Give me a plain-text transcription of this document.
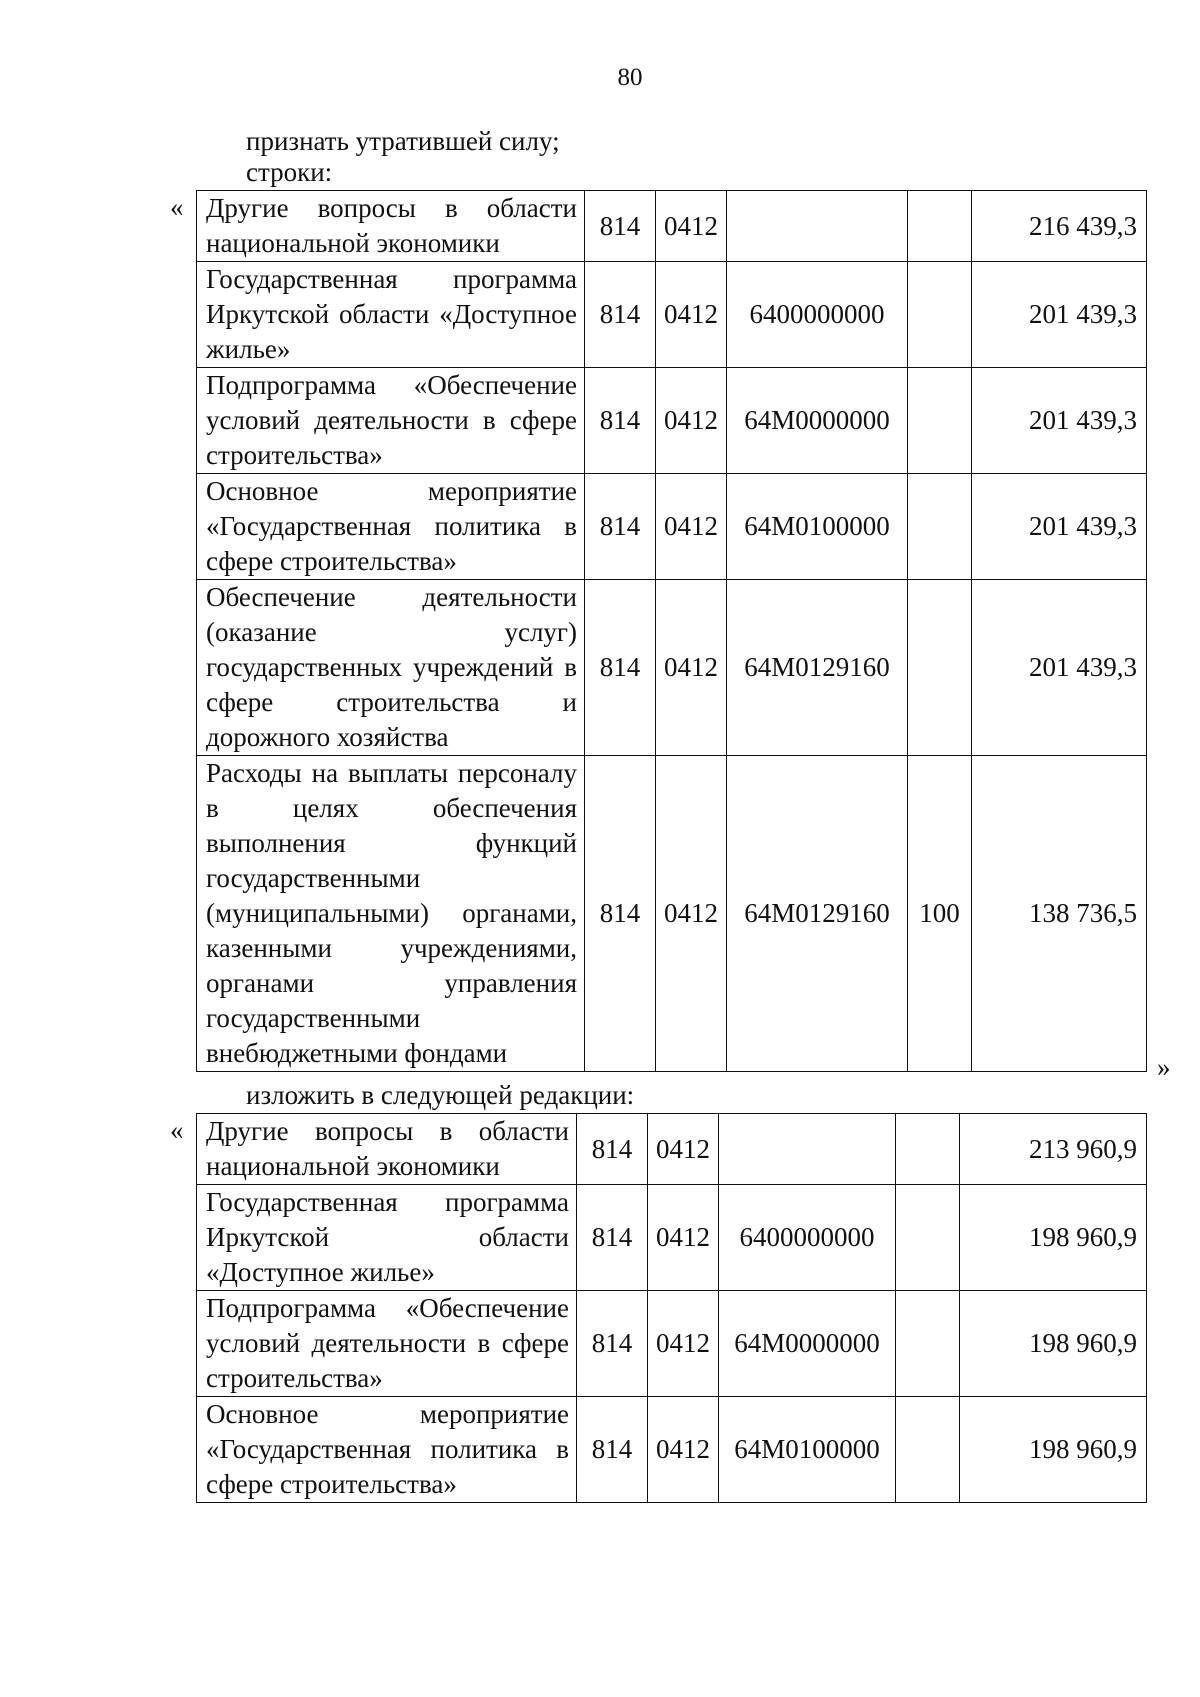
80
признать утратившей силу;
строки:
« Другие вопросы в области национальной экономики	814	0412			216 439,3
Государственная программа Иркутской области «Доступное жилье»	814	0412	6400000000		201 439,3
Подпрограмма «Обеспечение условий деятельности в сфере строительства»	814	0412	64М0000000		201 439,3
Основное мероприятие «Государственная политика в сфере строительства»	814	0412	64М0100000		201 439,3
Обеспечение деятельности (оказание услуг) государственных учреждений в сфере строительства и дорожного хозяйства	814	0412	64М0129160		201 439,3
Расходы на выплаты персоналу в целях обеспечения выполнения функций государственными (муниципальными) органами, казенными учреждениями, органами управления государственными внебюджетными фондами	814	0412	64М0129160	100	138 736,5
»
изложить в следующей редакции:
« Другие вопросы в области национальной экономики	814	0412			213 960,9
Государственная программа Иркутской области «Доступное жилье»	814	0412	6400000000		198 960,9
Подпрограмма «Обеспечение условий деятельности в сфере строительства»	814	0412	64М0000000		198 960,9
Основное мероприятие «Государственная политика в сфере строительства»	814	0412	64М0100000		198 960,9
